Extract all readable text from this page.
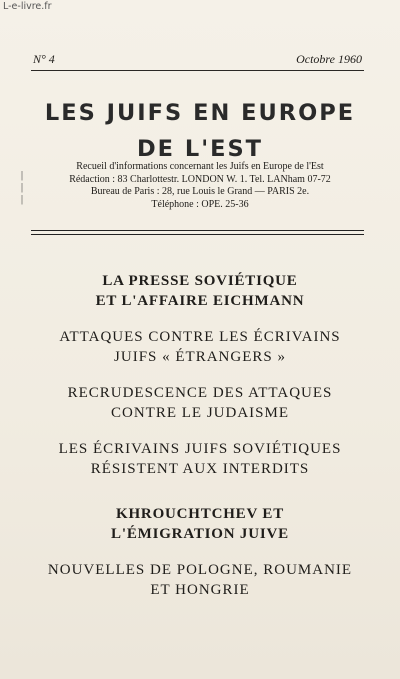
L-e-livre.fr
N° 4	Octobre 1960
LES JUIFS EN EUROPE
DE L'EST
|
|
|
Recueil d'informations concernant les Juifs en Europe de l'Est
Rédaction : 83 Charlottestr. LONDON W. 1. Tel. LANham 07-72
Bureau de Paris : 28, rue Louis le Grand — PARIS 2e.
Téléphone : OPE. 25-36
LA PRESSE SOVIÉTIQUE
ET L'AFFAIRE EICHMANN
ATTAQUES CONTRE LES ÉCRIVAINS
JUIFS « ÉTRANGERS »
RECRUDESCENCE DES ATTAQUES
CONTRE LE JUDAISME
LES ÉCRIVAINS JUIFS SOVIÉTIQUES
RÉSISTENT AUX INTERDITS
KHROUCHTCHEV ET
L'ÉMIGRATION JUIVE
NOUVELLES DE POLOGNE, ROUMANIE
ET HONGRIE
